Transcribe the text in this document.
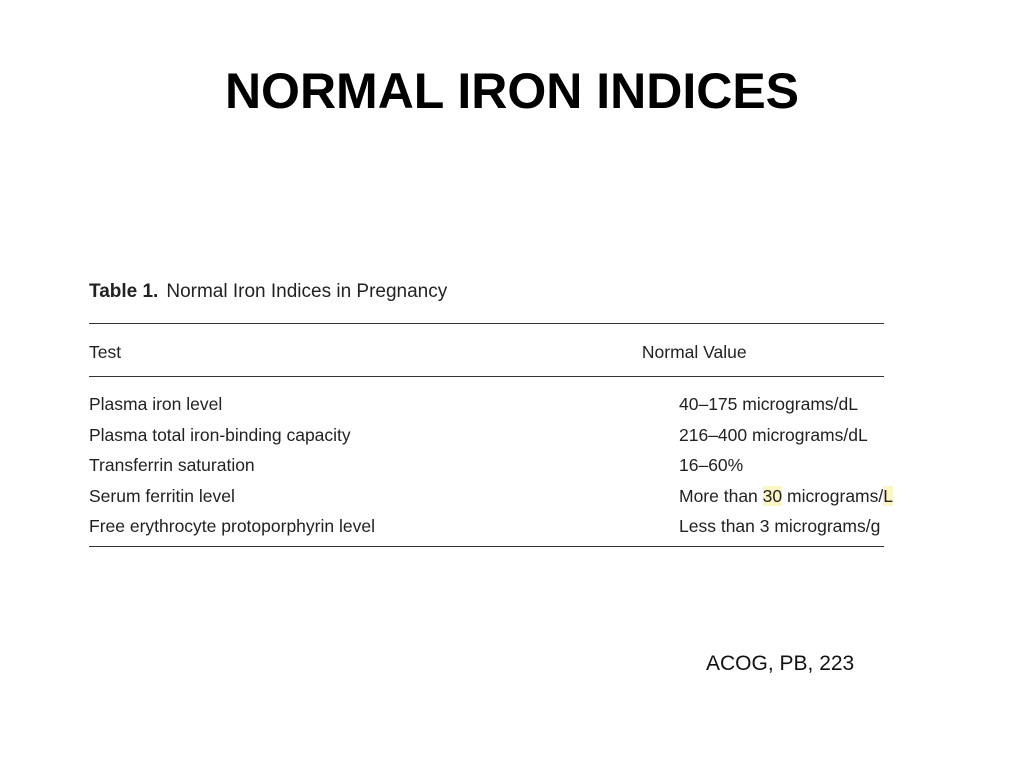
NORMAL IRON INDICES
Table 1. Normal Iron Indices in Pregnancy
Test	Normal Value
Plasma iron level	40–175 micrograms/dL
Plasma total iron-binding capacity	216–400 micrograms/dL
Transferrin saturation	16–60%
Serum ferritin level	More than 30 micrograms/L
Free erythrocyte protoporphyrin level	Less than 3 micrograms/g
ACOG, PB, 223
